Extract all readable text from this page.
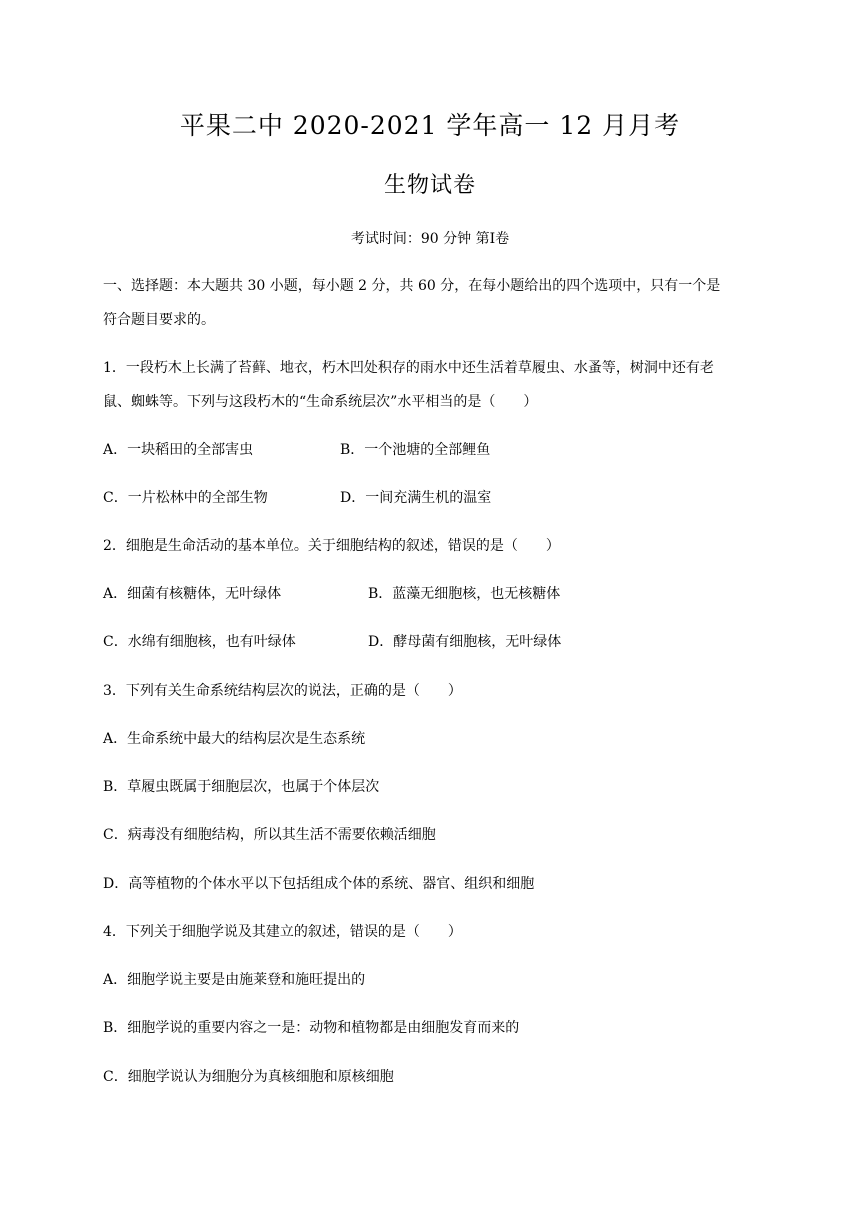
平果二中 2020-2021 学年高一 12 月月考
生物试卷
考试时间：90 分钟 第Ⅰ卷
一、选择题：本大题共 30 小题，每小题 2 分，共 60 分，在每小题给出的四个选项中，只有一个是
符合题目要求的。
1．一段朽木上长满了苔藓、地衣，朽木凹处积存的雨水中还生活着草履虫、水蚤等，树洞中还有老
鼠、蜘蛛等。下列与这段朽木的“生命系统层次”水平相当的是（　　）
A．一块稻田的全部害虫	B．一个池塘的全部鲤鱼
C．一片松林中的全部生物	D．一间充满生机的温室
2．细胞是生命活动的基本单位。关于细胞结构的叙述，错误的是（　　）
A．细菌有核糖体，无叶绿体	B．蓝藻无细胞核，也无核糖体
C．水绵有细胞核，也有叶绿体	D．酵母菌有细胞核，无叶绿体
3．下列有关生命系统结构层次的说法，正确的是（　　）
A．生命系统中最大的结构层次是生态系统
B．草履虫既属于细胞层次，也属于个体层次
C．病毒没有细胞结构，所以其生活不需要依赖活细胞
D．高等植物的个体水平以下包括组成个体的系统、器官、组织和细胞
4．下列关于细胞学说及其建立的叙述，错误的是（　　）
A．细胞学说主要是由施莱登和施旺提出的
B．细胞学说的重要内容之一是：动物和植物都是由细胞发育而来的
C．细胞学说认为细胞分为真核细胞和原核细胞
